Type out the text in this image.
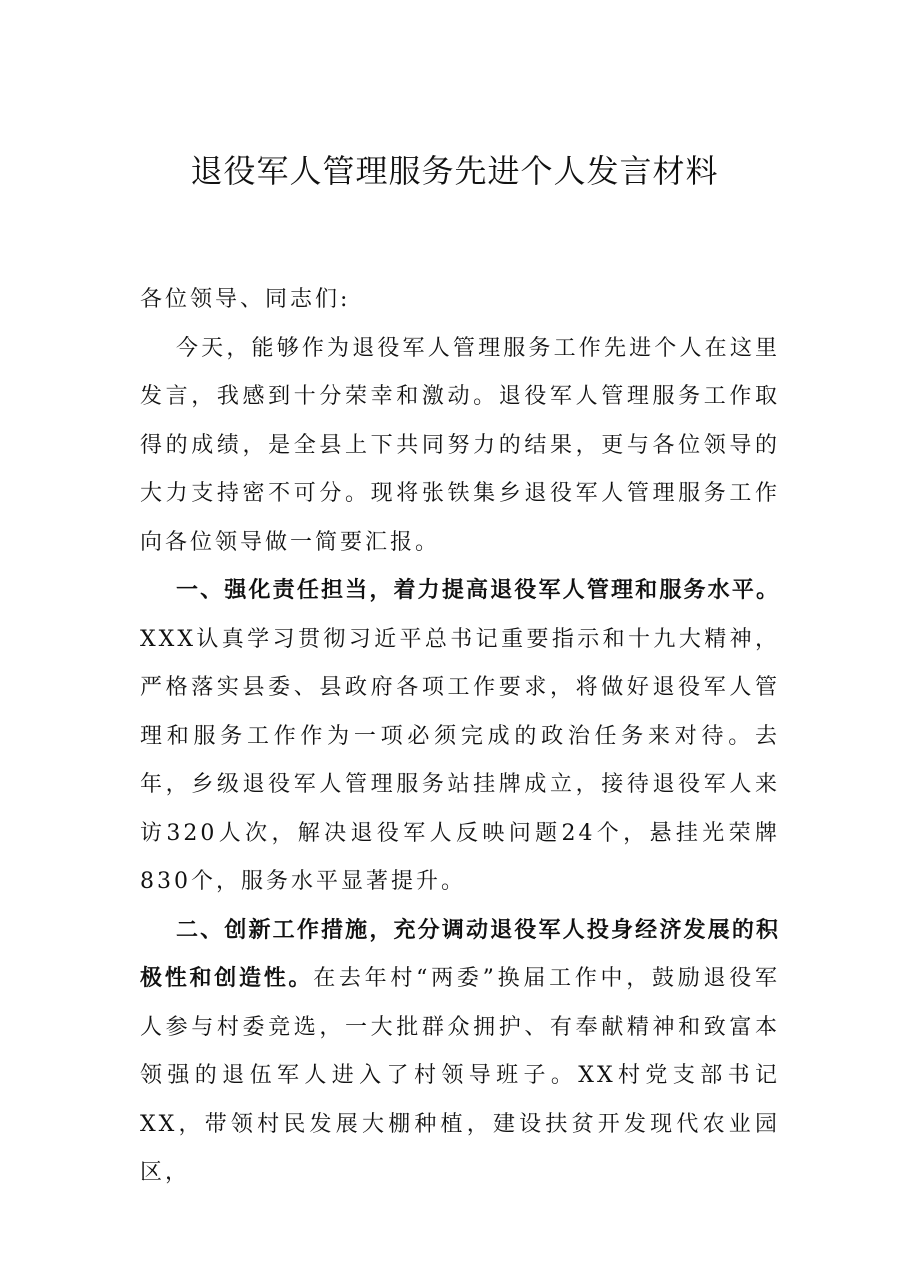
退役军人管理服务先进个人发言材料

各位领导、同志们:

今天，能够作为退役军人管理服务工作先进个人在这里发言，我感到十分荣幸和激动。退役军人管理服务工作取得的成绩，是全县上下共同努力的结果，更与各位领导的大力支持密不可分。现将张铁集乡退役军人管理服务工作向各位领导做一简要汇报。

一、强化责任担当，着力提高退役军人管理和服务水平。XXX认真学习贯彻习近平总书记重要指示和十九大精神，严格落实县委、县政府各项工作要求，将做好退役军人管理和服务工作作为一项必须完成的政治任务来对待。去年，乡级退役军人管理服务站挂牌成立，接待退役军人来访320人次，解决退役军人反映问题24个，悬挂光荣牌830个，服务水平显著提升。

二、创新工作措施，充分调动退役军人投身经济发展的积极性和创造性。在去年村“两委”换届工作中，鼓励退役军人参与村委竞选，一大批群众拥护、有奉献精神和致富本领强的退伍军人进入了村领导班子。XX村党支部书记XX，带领村民发展大棚种植，建设扶贫开发现代农业园区，
